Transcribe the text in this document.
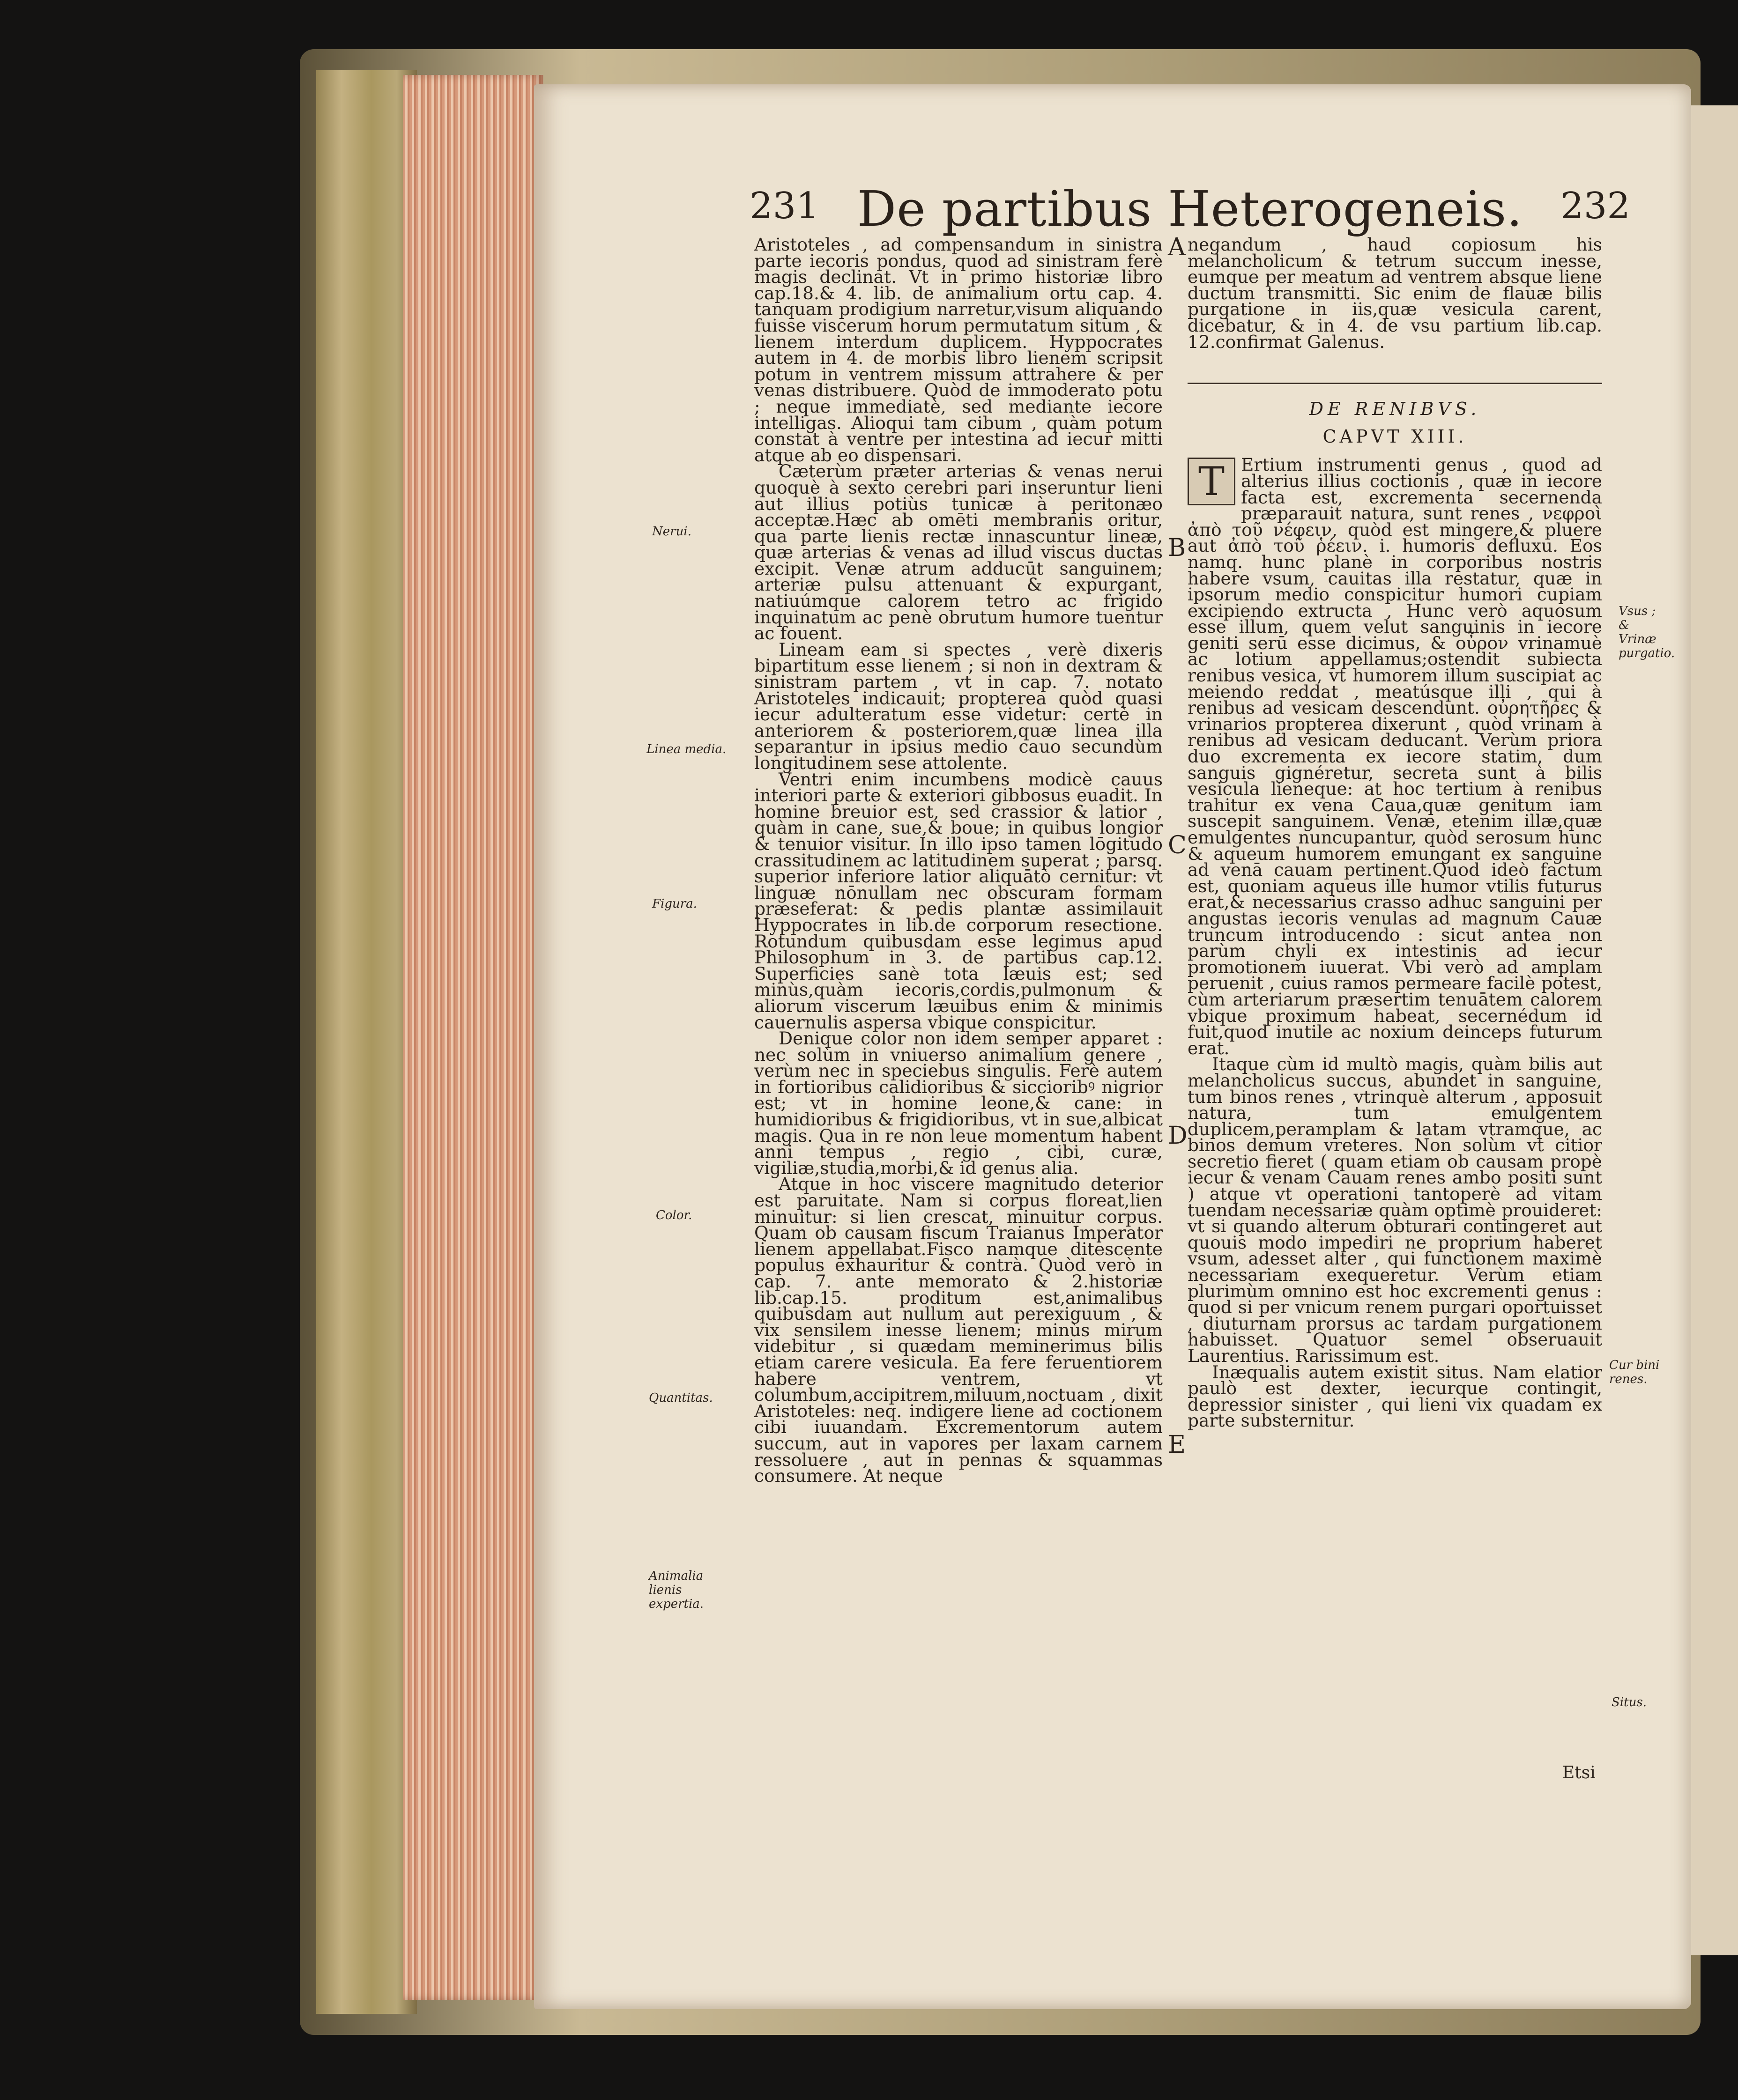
231 De partibus Heterogeneis.	232

Aristoteles , ad compensandum in sinistra parte iecoris pondus, quod ad sinistram ferè magis declinat. Vt in primo historiæ libro cap.18.& 4. lib. de animalium ortu cap. 4. tanquam prodigium narretur,visum aliquando fuisse viscerum horum permutatum situm , & lienem interdum duplicem. Hyppocrates autem in 4. de morbis libro lienem scripsit potum in ventrem missum attrahere & per venas distribuere. Quòd de immoderato potu ; neque immediatè, sed mediante iecore intelligas. Alioqui tam cibum , quàm potum constat à ventre per intestina ad iecur mitti atque ab eo dispensari.

Cæterùm præter arterias & venas nerui quoquè à sexto cerebri pari inseruntur lieni aut illius potiùs tunicæ à peritonæo acceptæ.Hæc ab omēti membranis oritur, qua parte lienis rectæ innascuntur lineæ, quæ arterias & venas ad illud viscus ductas excipit. Venæ atrum adducūt sanguinem; arteriæ pulsu attenuant & expurgant, natiuúmque calorem tetro ac frigido inquinatum ac penè obrutum humore tuentur ac fouent.

Lineam eam si spectes , verè dixeris bipartitum esse lienem ; si non in dextram & sinistram partem , vt in cap. 7. notato Aristoteles indicauit; propterea quòd quasi iecur adulteratum esse videtur: certè in anteriorem & posteriorem,quæ linea illa separantur in ipsius medio cauo secundùm longitudinem sese attolente.

Ventri enim incumbens modicè cauus interiori parte & exteriori gibbosus euadit. In homine breuior est, sed crassior & latior , quàm in cane, sue,& boue; in quibus longior & tenuior visitur. In illo ipso tamen lōgitudo crassitudinem ac latitudinem superat ; parsq. superior inferiore latior aliquātò cernitur: vt linguæ nōnullam nec obscuram formam præseferat: & pedis plantæ assimilauit Hyppocrates in lib.de corporum resectione. Rotundum quibusdam esse legimus apud Philosophum in 3. de partibus cap.12. Superficies sanè tota læuis est; sed minùs,quàm iecoris,cordis,pulmonum & aliorum viscerum læuibus enim & minimis cauernulis aspersa vbique conspicitur.

Denique color non idem semper apparet : nec solùm in vniuerso animalium genere , verùm nec in speciebus singulis. Ferè autem in fortioribus calidioribus & siccioribꝰ nigrior est; vt in homine leone,& cane: in humidioribus & frigidioribus, vt in sue,albicat magis. Qua in re non leue momentum habent anni tempus , regio , cibi, curæ, vigiliæ,studia,morbi,& id genus alia.

Atque in hoc viscere magnitudo deterior est paruitate. Nam si corpus floreat,lien minuitur: si lien crescat, minuitur corpus. Quam ob causam fiscum Traianus Imperator lienem appellabat.Fisco namque ditescente populus exhauritur & contrà. Quòd verò in cap. 7. ante memorato & 2.historiæ lib.cap.15. proditum est,animalibus quibusdam aut nullum aut perexiguum , & vix sensilem inesse lienem; minùs mirum videbitur , si quædam meminerimus bilis etiam carere vesicula. Ea fere feruentiorem habere ventrem, vt columbum,accipitrem,miluum,noctuam , dixit Aristoteles: neq. indigere liene ad coctionem cibi iuuandam. Excrementorum autem succum, aut in vapores per laxam carnem ressoluere , aut in pennas & squammas consumere. At neque

negandum , haud copiosum his melancholicum & tetrum succum inesse, eumque per meatum ad ventrem absque liene ductum transmitti. Sic enim de flauæ bilis purgatione in iis,quæ vesicula carent, dicebatur, & in 4. de vsu partium lib.cap. 12.confirmat Galenus.

DE RENIBVS.
CAPVT XIII.
T Ertium instrumenti genus , quod ad alterius illius coctionis , quæ in iecore facta est, excrementa secernenda præparauit natura, sunt renes , νεφροὶ ἀπὸ τοῦ νέφειν, quòd est mingere,& pluere aut ἀπὸ τοῦ ῥέειν. i. humoris defluxu. Eos namq. hunc planè in corporibus nostris habere vsum, cauitas illa restatur, quæ in ipsorum medio conspicitur humori cupiam excipiendo extructa , Hunc verò aquosum esse illum, quem velut sanguinis in iecore geniti serū esse dicimus, & οὖρον vrinamuè ac lotium appellamus;ostendit subiecta renibus vesica, vt humorem illum suscipiat ac meiendo reddat , meatúsque illi , qui à renibus ad vesicam descendunt. οὐρητῆρες & vrinarios propterea dixerunt , quòd vrinam à renibus ad vesicam deducant. Verùm priora duo excrementa ex iecore statim, dum sanguis gignéretur, secreta sunt à bilis vesicula lieneque: at hoc tertium à renibus trahitur ex vena Caua,quæ genitum iam suscepit sanguinem. Venæ, etenim illæ,quæ emulgentes nuncupantur, quòd serosum hunc & aqueum humorem emungant ex sanguine ad venā cauam pertinent.Quod ideò factum est, quoniam aqueus ille humor vtilis futurus erat,& necessarius crasso adhuc sanguini per angustas iecoris venulas ad magnum Cauæ truncum introducendo : sicut antea non parùm chyli ex intestinis ad iecur promotionem iuuerat. Vbi verò ad amplam peruenit , cuius ramos permeare facilè potest, cùm arteriarum præsertim tenuātem calorem vbique proximum habeat, secernédum id fuit,quod inutile ac noxium deinceps futurum erat.

Itaque cùm id multò magis, quàm bilis aut melancholicus succus, abundet in sanguine, tum binos renes , vtrinquè alterum , apposuit natura, tum emulgentem duplicem,peramplam & latam vtramque, ac binos demum vreteres. Non solùm vt citior secretio fieret ( quam etiam ob causam propè iecur & venam Cauam renes ambo positi sunt ) atque vt operationi tantoperè ad vitam tuendam necessariæ quàm optimè prouideret: vt si quando alterum obturari contingeret aut quouis modo impediri ne proprium haberet vsum, adesset alter , qui functionem maximè necessariam exequeretur. Verùm etiam plurimùm omnino est hoc excrementi genus : quod si per vnicum renem purgari oportuisset , diuturnam prorsus ac tardam purgationem habuisset. Quatuor semel obseruauit Laurentius. Rarissimum est.

Inæqualis autem existit situs. Nam elatior paulò est dexter, iecurque contingit, depressior sinister , qui lieni vix quadam ex parte substernitur.

Etsi
Nerui.
Linea media.
Figura.
Color.
Quantitas.
Animalia lienis expertia.
Vsus ; & Vrinæ purgatio.
Cur bini renes.
Situs.
A
B
C
D
E
